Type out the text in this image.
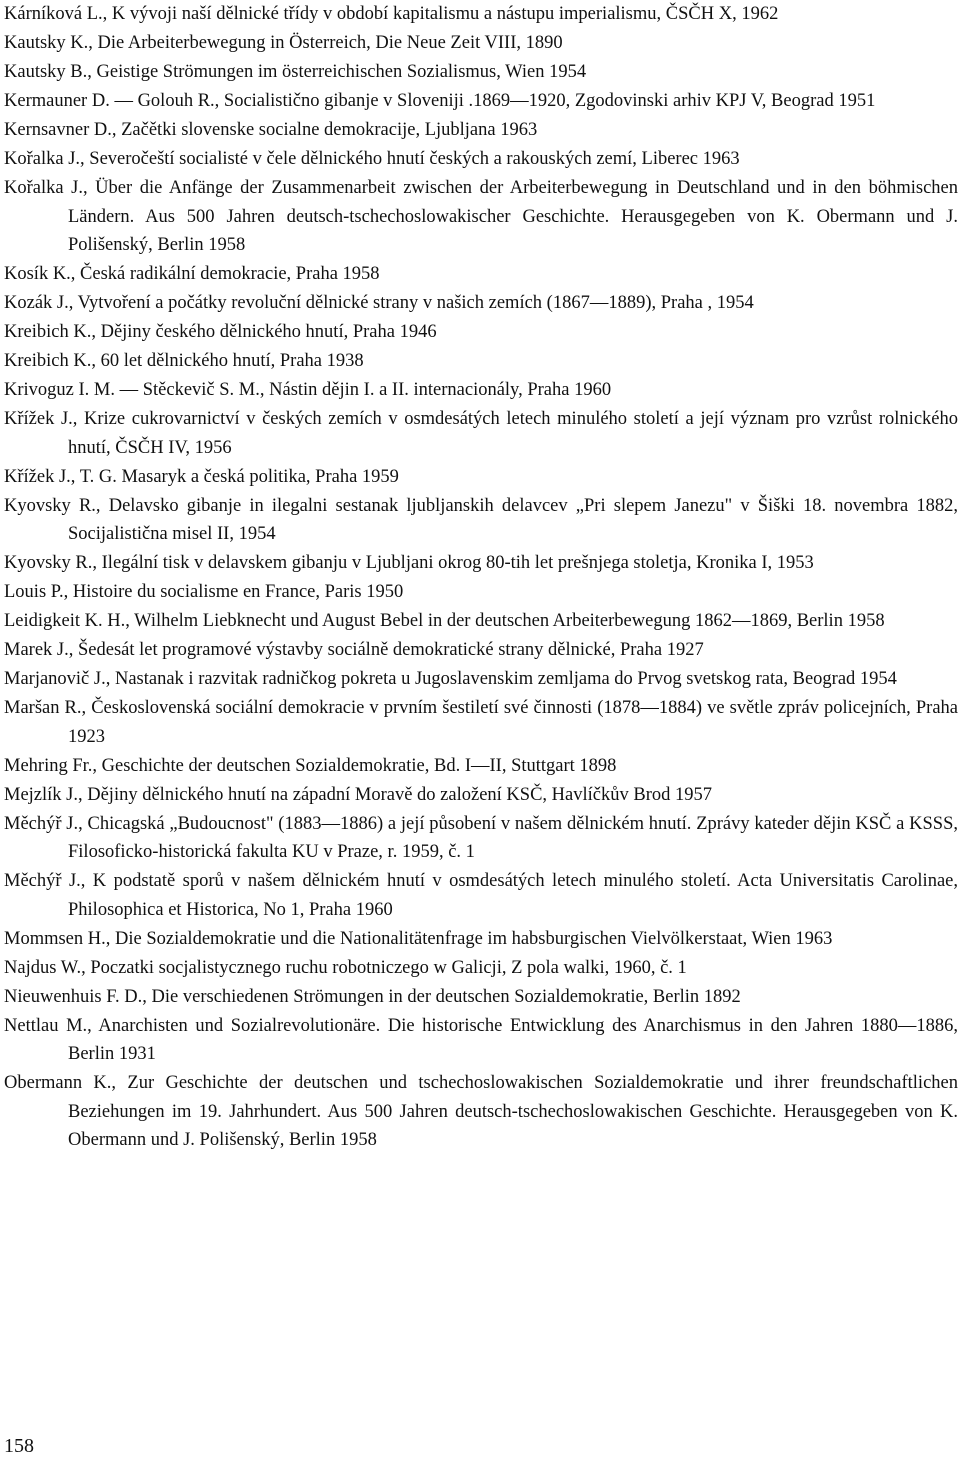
Kárníková L., K vývoji naší dělnické třídy v období kapitalismu a nástupu imperialismu, ČSČH X, 1962

Kautsky K., Die Arbeiterbewegung in Österreich, Die Neue Zeit VIII, 1890

Kautsky B., Geistige Strömungen im österreichischen Sozialismus, Wien 1954

Kermauner D. — Golouh R., Socialistično gibanje v Sloveniji .1869—1920, Zgodovinski arhiv KPJ V, Beograd 1951

Kernsavner D., Začětki slovenske socialne demokracije, Ljubljana 1963

Kořalka J., Severočeští socialisté v čele dělnického hnutí českých a rakouských zemí, Liberec 1963

Kořalka J., Über die Anfänge der Zusammenarbeit zwischen der Arbeiterbewegung in Deutschland und in den böhmischen Ländern. Aus 500 Jahren deutsch-tschechoslowakischer Geschichte. Herausgegeben von K. Obermann und J. Polišenský, Berlin 1958

Kosík K., Česká radikální demokracie, Praha 1958

Kozák J., Vytvoření a počátky revoluční dělnické strany v našich zemích (1867—1889), Praha , 1954

Kreibich K., Dějiny českého dělnického hnutí, Praha 1946

Kreibich K., 60 let dělnického hnutí, Praha 1938

Krivoguz I. M. — Stěckevič S. M., Nástin dějin I. a II. internacionály, Praha 1960

Křížek J., Krize cukrovarnictví v českých zemích v osmdesátých letech minulého století a její význam pro vzrůst rolnického hnutí, ČSČH IV, 1956

Křížek J., T. G. Masaryk a česká politika, Praha 1959

Kyovsky R., Delavsko gibanje in ilegalni sestanak ljubljanskih delavcev „Pri slepem Janezu" v Šiški 18. novembra 1882, Socijalistična misel II, 1954

Kyovsky R., Ilegální tisk v delavskem gibanju v Ljubljani okrog 80-tih let prešnjega stoletja, Kronika I, 1953

Louis P., Histoire du socialisme en France, Paris 1950

Leidigkeit K. H., Wilhelm Liebknecht und August Bebel in der deutschen Arbeiterbewegung 1862—1869, Berlin 1958

Marek J., Šedesát let programové výstavby sociálně demokratické strany dělnické, Praha 1927

Marjanovič J., Nastanak i razvitak radničkog pokreta u Jugoslavenskim zemljama do Prvog svetskog rata, Beograd 1954

Maršan R., Československá sociální demokracie v prvním šestiletí své činnosti (1878—1884) ve světle zpráv policejních, Praha 1923

Mehring Fr., Geschichte der deutschen Sozialdemokratie, Bd. I—II, Stuttgart 1898

Mejzlík J., Dějiny dělnického hnutí na západní Moravě do založení KSČ, Havlíčkův Brod 1957

Měchýř J., Chicagská „Budoucnost" (1883—1886) a její působení v našem dělnickém hnutí. Zprávy kateder dějin KSČ a KSSS, Filosoficko-historická fakulta KU v Praze, r. 1959, č. 1

Měchýř J., K podstatě sporů v našem dělnickém hnutí v osmdesátých letech minulého století. Acta Universitatis Carolinae, Philosophica et Historica, No 1, Praha 1960

Mommsen H., Die Sozialdemokratie und die Nationalitätenfrage im habsburgischen Vielvölkerstaat, Wien 1963

Najdus W., Poczatki socjalistycznego ruchu robotniczego w Galicji, Z pola walki, 1960, č. 1

Nieuwenhuis F. D., Die verschiedenen Strömungen in der deutschen Sozialdemokratie, Berlin 1892

Nettlau M., Anarchisten und Sozialrevolutionäre. Die historische Entwicklung des Anarchismus in den Jahren 1880—1886, Berlin 1931

Obermann K., Zur Geschichte der deutschen und tschechoslowakischen Sozialdemokratie und ihrer freundschaftlichen Beziehungen im 19. Jahrhundert. Aus 500 Jahren deutsch-tschechoslowakischen Geschichte. Herausgegeben von K. Obermann und J. Polišenský, Berlin 1958

158
